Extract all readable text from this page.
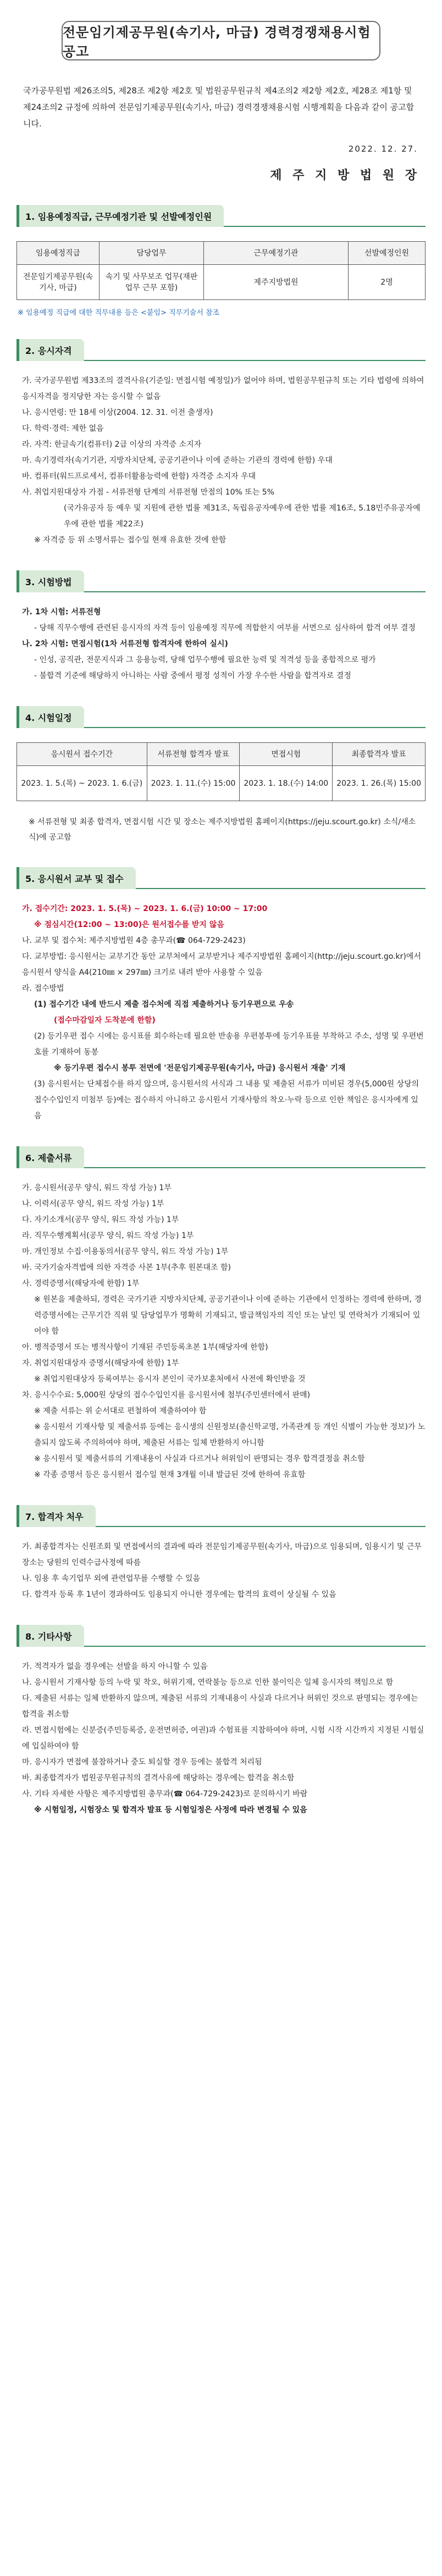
전문임기제공무원(속기사, 마급) 경력경쟁채용시험 공고

국가공무원법 제26조의5, 제28조 제2항 제2호 및 법원공무원규칙 제4조의2 제2항 제2호, 제28조 제1항 및 제24조의2 규정에 의하여 전문임기제공무원(속기사, 마급) 경력경쟁채용시험 시행계획을 다음과 같이 공고합니다.

2022. 12. 27.
제 주 지 방 법 원 장
1. 임용예정직급, 근무예정기관 및 선발예정인원
임용예정직급	담당업무	근무예정기관	선발예정인원
전문임기제공무원(속기사, 마급)	속기 및 사무보조 업무(재판업무 근무 포함)	제주지방법원	2명
※ 임용예정 직급에 대한 직무내용 등은 <붙임> 직무기술서 참조
2. 응시자격
가. 국가공무원법 제33조의 결격사유(기준일: 면접시험 예정일)가 없어야 하며, 법원공무원규칙 또는 기타 법령에 의하여 응시자격을 정지당한 자는 응시할 수 없음
나. 응시연령: 만 18세 이상(2004. 12. 31. 이전 출생자)
다. 학력·경력: 제한 없음
라. 자격: 한글속기(컴퓨터) 2급 이상의 자격증 소지자
마. 속기경력자(속기기관, 지방자치단체, 공공기관이나 이에 준하는 기관의 경력에 한함) 우대
바. 컴퓨터(워드프로세서, 컴퓨터활용능력에 한함) 자격증 소지자 우대
사. 취업지원대상자 가점 - 서류전형 단계의 서류전형 만점의 10% 또는 5%
(국가유공자 등 예우 및 지원에 관한 법률 제31조, 독립유공자예우에 관한 법률 제16조, 5.18민주유공자예우에 관한 법률 제22조)
※ 자격증 등 위 소명서류는 접수일 현재 유효한 것에 한함
3. 시험방법
가. 1차 시험: 서류전형
- 당해 직무수행에 관련된 응시자의 자격 등이 임용예정 직무에 적합한지 여부를 서면으로 심사하여 합격 여부 결정
나. 2차 시험: 면접시험(1차 서류전형 합격자에 한하여 실시)
- 인성, 공직관, 전문지식과 그 응용능력, 당해 업무수행에 필요한 능력 및 적격성 등을 종합적으로 평가
- 불합격 기준에 해당하지 아니하는 사람 중에서 평정 성적이 가장 우수한 사람을 합격자로 결정
4. 시험일정
응시원서 접수기간	서류전형 합격자 발표	면접시험	최종합격자 발표
2023. 1. 5.(목) ~ 2023. 1. 6.(금)	2023. 1. 11.(수) 15:00	2023. 1. 18.(수) 14:00	2023. 1. 26.(목) 15:00
※ 서류전형 및 최종 합격자, 면접시험 시간 및 장소는 제주지방법원 홈페이지(https://jeju.scourt.go.kr) 소식/새소식)에 공고함
5. 응시원서 교부 및 접수
가. 접수기간: 2023. 1. 5.(목) ~ 2023. 1. 6.(금) 10:00 ~ 17:00
※ 점심시간(12:00 ~ 13:00)은 원서접수를 받지 않음
나. 교부 및 접수처: 제주지방법원 4층 총무과(☎ 064-729-2423)
다. 교부방법: 응시원서는 교부기간 동안 교부처에서 교부받거나 제주지방법원 홈페이지(http://jeju.scourt.go.kr)에서 응시원서 양식을 A4(210㎜ × 297㎜) 크기로 내려 받아 사용할 수 있음
라. 접수방법
(1) 접수기간 내에 반드시 제출 접수처에 직접 제출하거나 등기우편으로 우송
(접수마감일자 도착분에 한함)
(2) 등기우편 접수 시에는 응시표를 회수하는데 필요한 반송용 우편봉투에 등기우표를 부착하고 주소, 성명 및 우편번호를 기재하여 동봉
※ 등기우편 접수시 봉투 전면에 '전문임기제공무원(속기사, 마급) 응시원서 재출' 기재
(3) 응시원서는 단체접수를 하지 않으며, 응시원서의 서식과 그 내용 및 제출된 서류가 미비된 경우(5,000원 상당의 접수수입인지 미첨부 등)에는 접수하지 아니하고 응시원서 기재사항의 착오·누락 등으로 인한 책임은 응시자에게 있음
6. 제출서류
가. 응시원서(공무 양식, 워드 작성 가능) 1부
나. 이력서(공무 양식, 워드 작성 가능) 1부
다. 자기소개서(공무 양식, 워드 작성 가능) 1부
라. 직무수행계획서(공무 양식, 워드 작성 가능) 1부
마. 개인정보 수집·이용동의서(공무 양식, 워드 작성 가능) 1부
바. 국가기술자격법에 의한 자격증 사본 1부(추후 원본대조 함)
사. 경력증명서(해당자에 한함) 1부
※ 원본을 제출하되, 경력은 국가기관 지방자치단체, 공공기관이나 이에 준하는 기관에서 인정하는 경력에 한하며, 경력증명서에는 근무기간 직위 및 담당업무가 명확히 기재되고, 발급책임자의 직인 또는 날인 및 연락처가 기재되어 있어야 함
아. 병적증명서 또는 병적사항이 기재된 주민등록초본 1부(해당자에 한함)
자. 취업지원대상자 증명서(해당자에 한함) 1부
※ 취업지원대상자 등록여부는 응시자 본인이 국가보훈처에서 사전에 확인받을 것
차. 응시수수료: 5,000원 상당의 접수수입인지를 응시원서에 첨부(주민센터에서 판매)
※ 제출 서류는 위 순서대로 편철하여 제출하여야 함
※ 응시원서 기재사항 및 제출서류 등에는 응시생의 신원정보(출신학교명, 가족관계 등 개인 식별이 가능한 정보)가 노출되지 않도록 주의하여야 하며, 제출된 서류는 일체 반환하지 아니함
※ 응시원서 및 제출서류의 기재내용이 사실과 다르거나 허위임이 판명되는 경우 합격결정을 취소함
※ 각종 증명서 등은 응시원서 접수일 현재 3개월 이내 발급된 것에 한하여 유효함
7. 합격자 처우
가. 최종합격자는 신원조회 및 면접에서의 결과에 따라 전문임기제공무원(속기사, 마급)으로 임용되며, 임용시기 및 근무장소는 당원의 인력수급사정에 따름
나. 임용 후 속기업무 외에 관련업무를 수행할 수 있음
다. 합격자 등록 후 1년이 경과하여도 임용되지 아니한 경우에는 합격의 효력이 상실될 수 있음
8. 기타사항
가. 적격자가 없을 경우에는 선발을 하지 아니할 수 있음
나. 응시원서 기재사항 등의 누락 및 착오, 허위기재, 연락불능 등으로 인한 불이익은 일체 응시자의 책임으로 함
다. 제출된 서류는 일체 반환하지 않으며, 제출된 서류의 기재내용이 사실과 다르거나 허위인 것으로 판명되는 경우에는 합격을 취소함
라. 면접시험에는 신분증(주민등록증, 운전면허증, 여권)과 수험표를 지참하여야 하며, 시험 시작 시간까지 지정된 시험실에 입실하여야 함
마. 응시자가 면접에 불참하거나 중도 퇴실할 경우 등에는 불합격 처리됨
바. 최종합격자가 법원공무원규칙의 결격사유에 해당하는 경우에는 합격을 취소함
사. 기타 자세한 사항은 제주지방법원 총무과(☎ 064-729-2423)로 문의하시기 바람
※ 시험일정, 시험장소 및 합격자 발표 등 시험일정은 사정에 따라 변경될 수 있음
